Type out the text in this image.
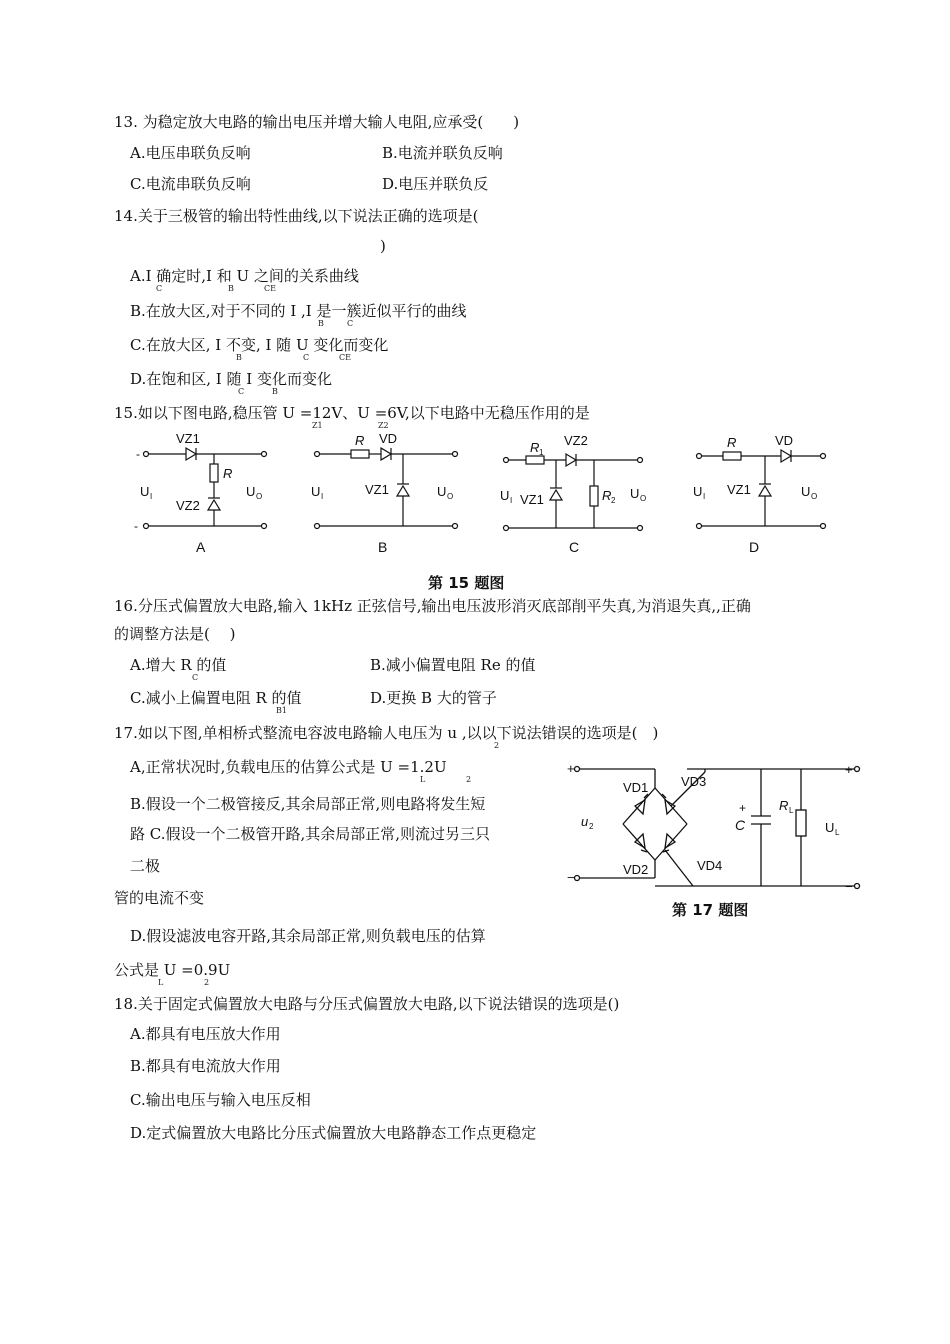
13. 为稳定放大电路的输出电压并增大输人电阻,应承受(　　)
A.电压串联负反响	B.电流并联负反响
C.电流串联负反响	D.电压并联负反
14.关于三极管的输出特性曲线,以下说法正确的选项是(
)
A.I 确定时,I 和 U 之间的关系曲线
C	B	CE
B.在放大区,对于不同的 I ,I 是一簇近似平行的曲线
B	C
C.在放大区, I 不变, I 随 U 变化而变化
B	C	CE
D.在饱和区, I 随 I 变化而变化
C	B
15.如以下图电路,稳压管 U =12V、U =6V,以下电路中无稳压作用的是
Z1	Z2
-
-
VZ1
R
VZ2
U I	U O
A
R VD
VZ1
U I	U O
B
R 1
VZ2
VZ1	R 2
U I	U O
C
R	VD
VZ1
U I	U O
D
第 15 题图
16.分压式偏置放大电路,输入 1kHz 正弦信号,输出电压波形消灭底部削平失真,为消退失真,,正确
的调整方法是(　 )
A.增大 R 的值
C
B.减小偏置电阻 Re 的值
C.减小上偏置电阻 R 的值
B1
D.更换 B 大的管子
17.如以下图,单相桥式整流电容波电路输人电压为 u ,以以下说法错误的选项是(　)
2
A,正常状况时,负载电压的估算公式是 U =1.2U
L	2
B.假设一个二极管接反,其余局部正常,则电路将发生短
路 C.假设一个二极管开路,其余局部正常,则流过另三只
二极
管的电流不变
D.假设滤波电容开路,其余局部正常,则负载电压的估算
公式是 U =0.9U
L	2
+
−
VD1	VD3
VD2	VD4
u 2
+
C
R L
U L
+
−
第 17 题图
18.关于固定式偏置放大电路与分压式偏置放大电路,以下说法错误的选项是()
A.都具有电压放大作用
B.都具有电流放大作用
C.输出电压与输入电压反相
D.定式偏置放大电路比分压式偏置放大电路静态工作点更稳定
